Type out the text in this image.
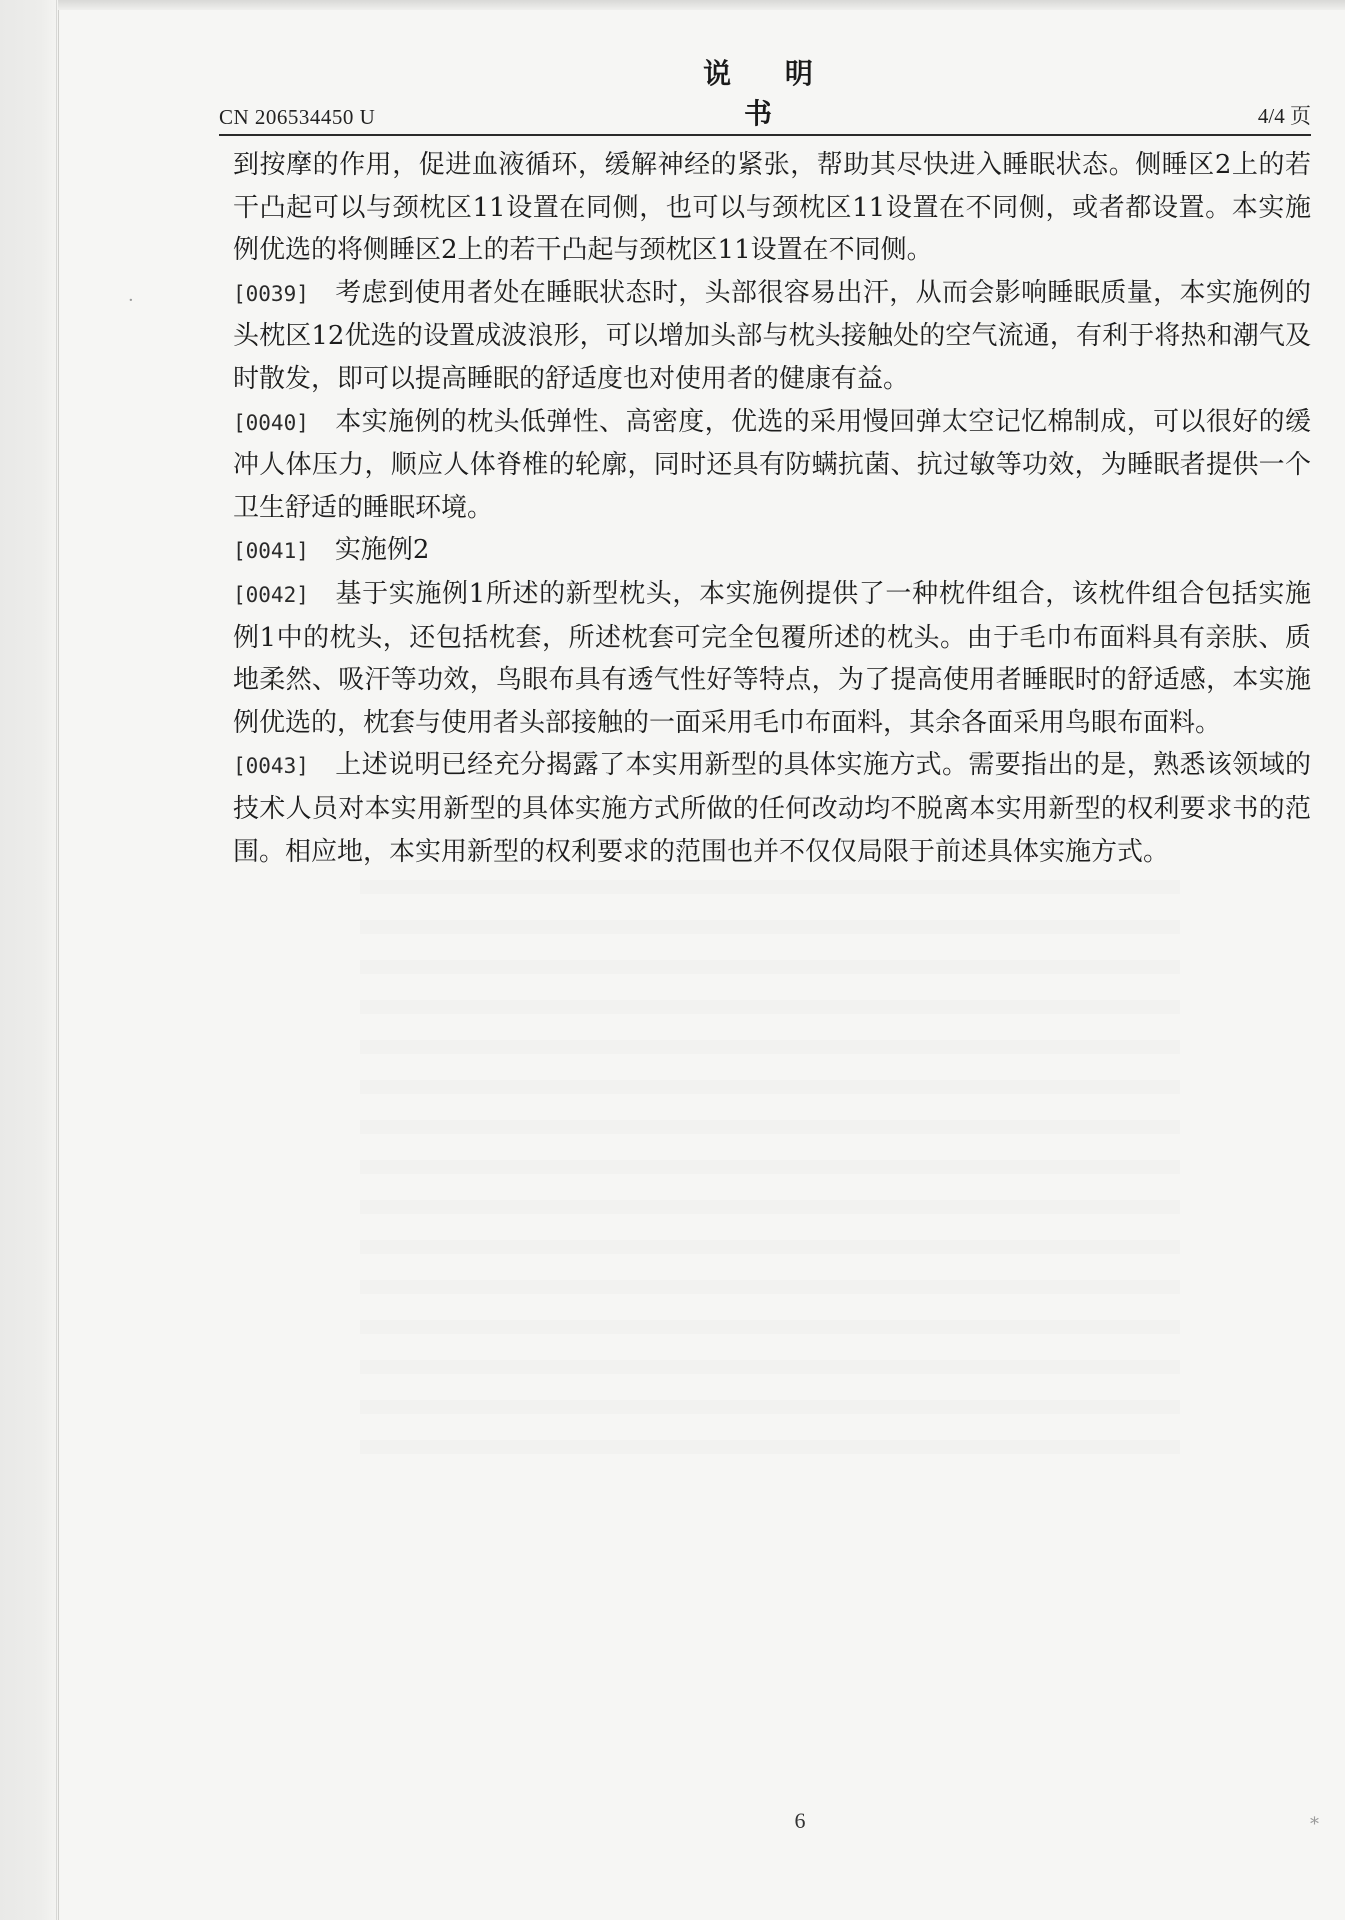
CN 206534450 U
说 明 书	4/4 页

到按摩的作用，促进血液循环，缓解神经的紧张，帮助其尽快进入睡眠状态。侧睡区2上的若干凸起可以与颈枕区11设置在同侧，也可以与颈枕区11设置在不同侧，或者都设置。本实施例优选的将侧睡区2上的若干凸起与颈枕区11设置在不同侧。

[0039] 考虑到使用者处在睡眠状态时，头部很容易出汗，从而会影响睡眠质量，本实施例的头枕区12优选的设置成波浪形，可以增加头部与枕头接触处的空气流通，有利于将热和潮气及时散发，即可以提高睡眠的舒适度也对使用者的健康有益。

[0040] 本实施例的枕头低弹性、高密度，优选的采用慢回弹太空记忆棉制成，可以很好的缓冲人体压力，顺应人体脊椎的轮廓，同时还具有防螨抗菌、抗过敏等功效，为睡眠者提供一个卫生舒适的睡眠环境。

[0041] 实施例2

[0042] 基于实施例1所述的新型枕头，本实施例提供了一种枕件组合，该枕件组合包括实施例1中的枕头，还包括枕套，所述枕套可完全包覆所述的枕头。由于毛巾布面料具有亲肤、质地柔然、吸汗等功效，鸟眼布具有透气性好等特点，为了提高使用者睡眠时的舒适感，本实施例优选的，枕套与使用者头部接触的一面采用毛巾布面料，其余各面采用鸟眼布面料。

[0043] 上述说明已经充分揭露了本实用新型的具体实施方式。需要指出的是，熟悉该领域的技术人员对本实用新型的具体实施方式所做的任何改动均不脱离本实用新型的权利要求书的范围。相应地，本实用新型的权利要求的范围也并不仅仅局限于前述具体实施方式。

6
·
⁎
